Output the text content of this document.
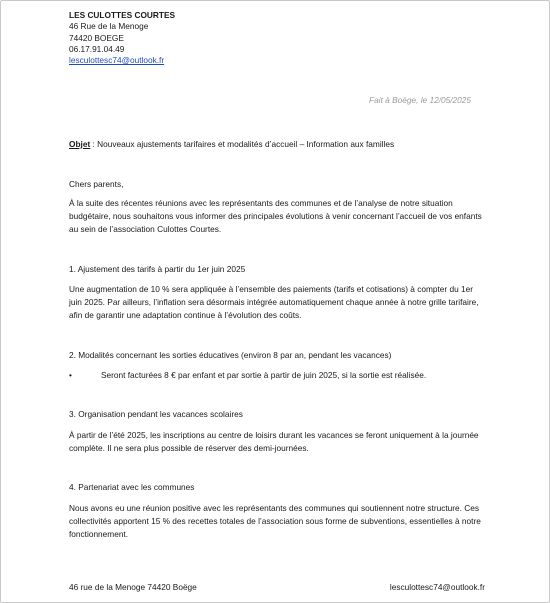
LES CULOTTES COURTES
46 Rue de la Menoge
74420 BOEGE
06.17.91.04.49
lesculottesc74@outlook.fr

Fait à Boëge, le 12/05/2025

Objet : Nouveaux ajustements tarifaires et modalités d’accueil – Information aux familles

Chers parents,

À la suite des récentes réunions avec les représentants des communes et de l’analyse de notre situation budgétaire, nous souhaitons vous informer des principales évolutions à venir concernant l’accueil de vos enfants au sein de l’association Culottes Courtes.

1. Ajustement des tarifs à partir du 1er juin 2025

Une augmentation de 10 % sera appliquée à l’ensemble des paiements (tarifs et cotisations) à compter du 1er juin 2025. Par ailleurs, l’inflation sera désormais intégrée automatiquement chaque année à notre grille tarifaire, afin de garantir une adaptation continue à l’évolution des coûts.

2. Modalités concernant les sorties éducatives (environ 8 par an, pendant les vacances)

•	Seront facturées 8 € par enfant et par sortie à partir de juin 2025, si la sortie est réalisée.

3. Organisation pendant les vacances scolaires

À partir de l’été 2025, les inscriptions au centre de loisirs durant les vacances se feront uniquement à la journée complète. Il ne sera plus possible de réserver des demi-journées.

4. Partenariat avec les communes

Nous avons eu une réunion positive avec les représentants des communes qui soutiennent notre structure. Ces collectivités apportent 15 % des recettes totales de l’association sous forme de subventions, essentielles à notre fonctionnement.

46 rue de la Menoge 74420 Boëge	lesculottesc74@outlook.fr
